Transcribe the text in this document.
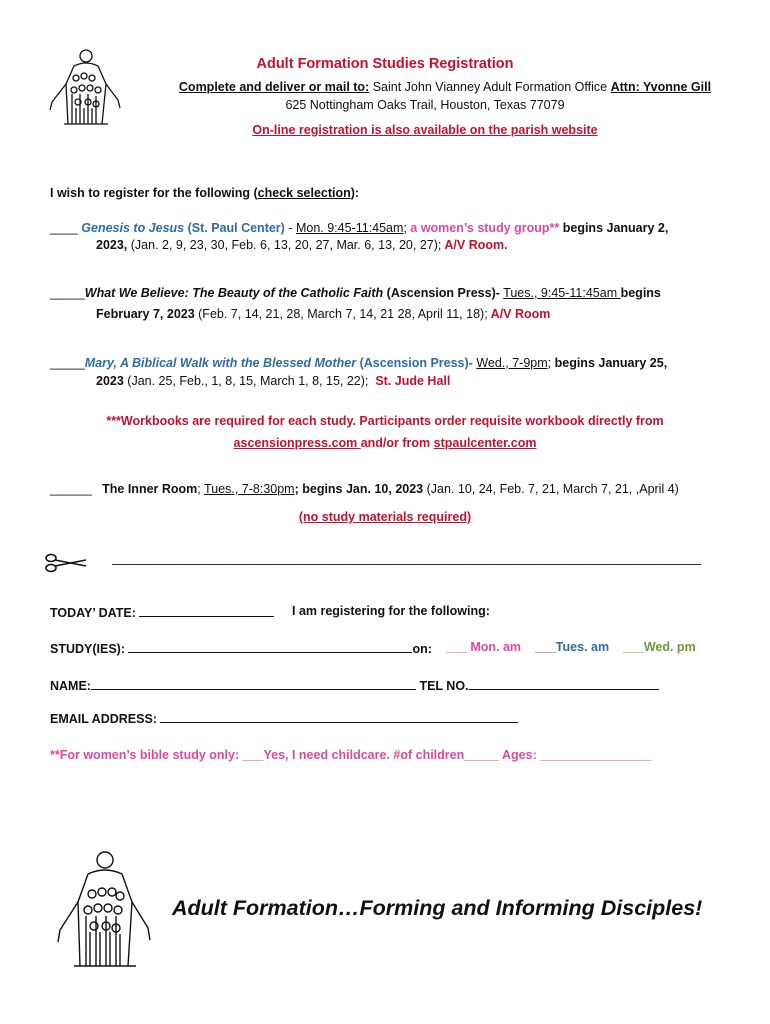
Adult Formation Studies Registration
Complete and deliver or mail to: Saint John Vianney Adult Formation Office Attn: Yvonne Gill
625 Nottingham Oaks Trail, Houston, Texas 77079
On-line registration is also available on the parish website
I wish to register for the following (check selection):
____ Genesis to Jesus (St. Paul Center) - Mon. 9:45-11:45am; a women’s study group** begins January 2,
2023, (Jan. 2, 9, 23, 30, Feb. 6, 13, 20, 27, Mar. 6, 13, 20, 27); A/V Room.
_____What We Believe: The Beauty of the Catholic Faith (Ascension Press)- Tues., 9:45-11:45am begins
February 7, 2023 (Feb. 7, 14, 21, 28, March 7, 14, 21 28, April 11, 18); A/V Room
_____Mary, A Biblical Walk with the Blessed Mother (Ascension Press)- Wed., 7-9pm; begins January 25,
2023 (Jan. 25, Feb., 1, 8, 15, March 1, 8, 15, 22); St. Jude Hall
***Workbooks are required for each study. Participants order requisite workbook directly from
ascensionpress.com and/or from stpaulcenter.com
______ The Inner Room; Tues., 7-8:30pm; begins Jan. 10, 2023 (Jan. 10, 24, Feb. 7, 21, March 7, 21, ,April 4)
(no study materials required)
—————————————————————————————————————————————————
TODAY’ DATE:	I am registering for the following:
STUDY(IES):	on: ___ Mon. am ___Tues. am ___Wed. pm
NAME:	TEL NO.
EMAIL ADDRESS:
**For women’s bible study only: ___Yes, I need childcare. #of children_____ Ages: ________________
Adult Formation…Forming and Informing Disciples!
